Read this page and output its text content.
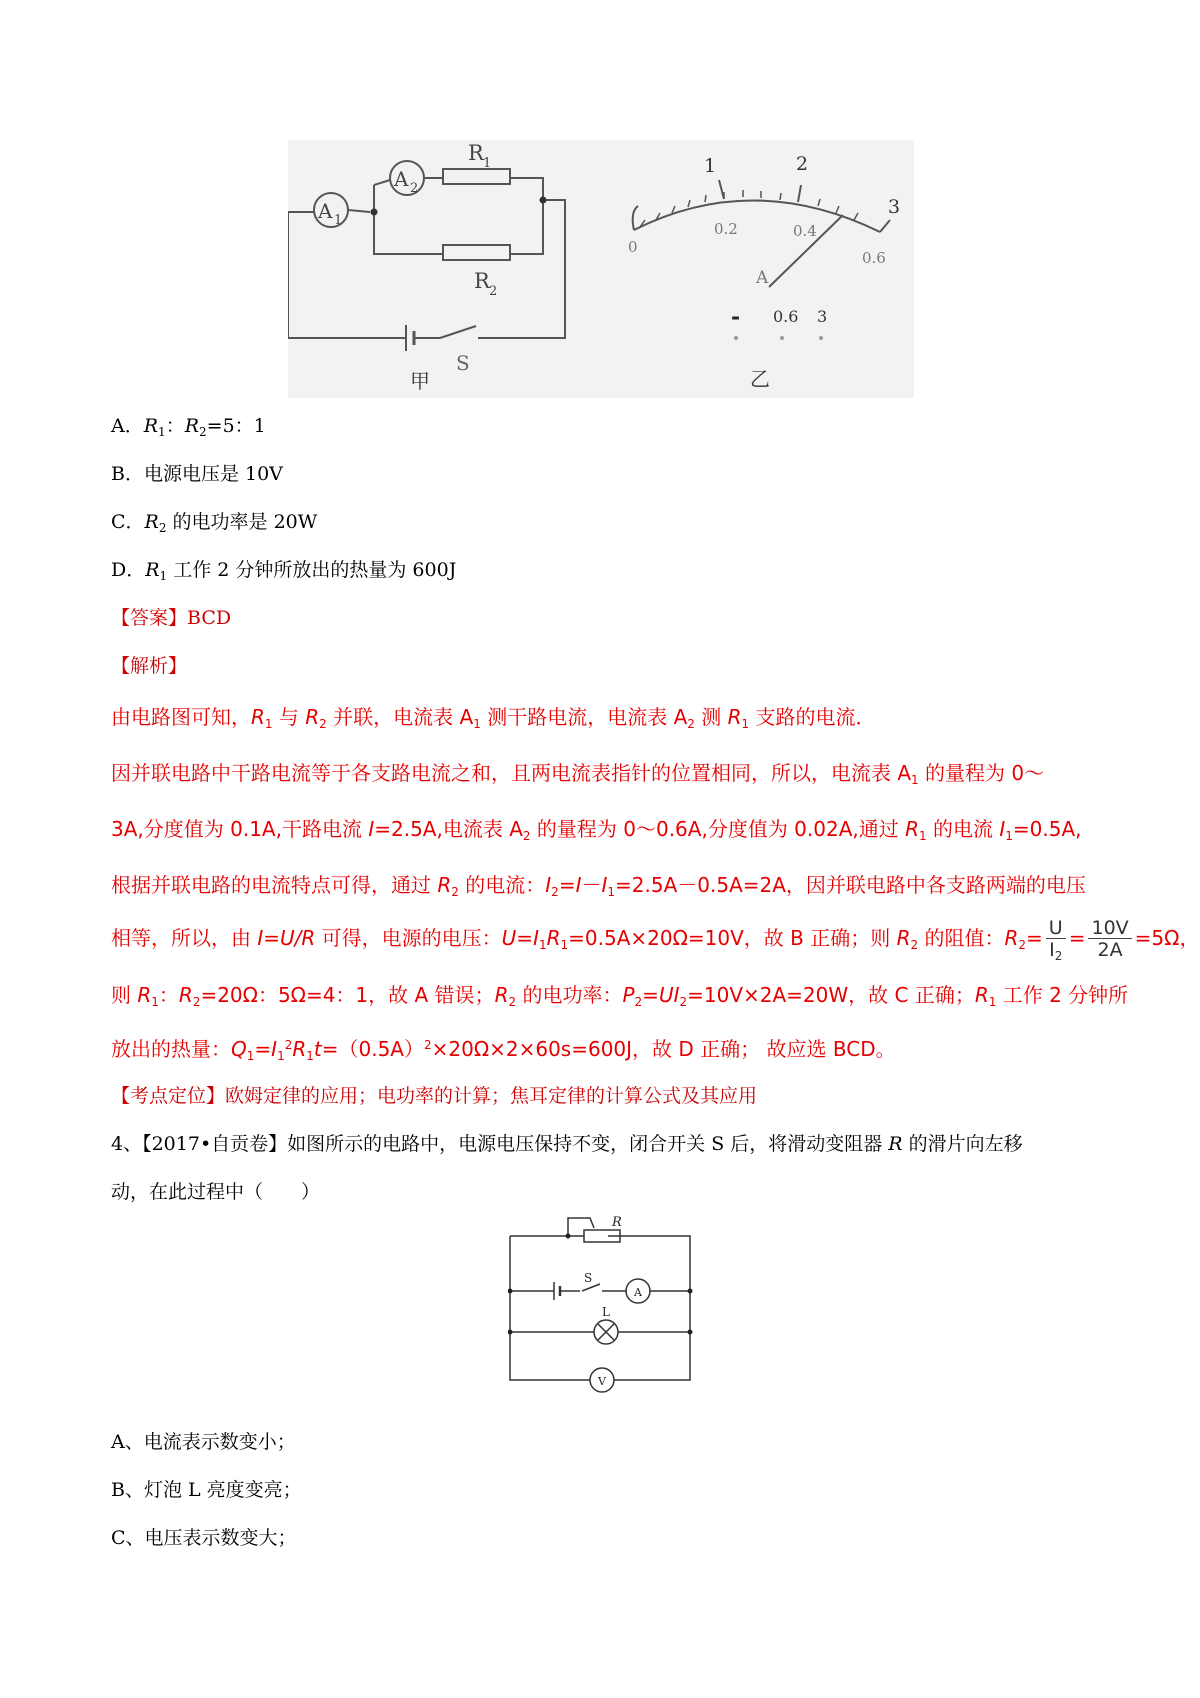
A 1
A 2
R 1
R 2
S
甲
1	2
3
0
0.2	0.4
0.6
A
- 0.6 3
乙
A．$R_1$：$R_2=5$：1
B．电源电压是 10V
C．$R_2$ 的电功率是 20W
D．$R_1$ 工作 2 分钟所放出的热量为 600J
【答案】BCD
【解析】
由电路图可知，$R_1$ 与 $R_2$ 并联，电流表 $A_1$ 测干路电流，电流表 $A_2$ 测 $R_1$ 支路的电流．
因并联电路中干路电流等于各支路电流之和，且两电流表指针的位置相同，所以，电流表 $A_1$ 的量程为 0～
3A,分度值为 0.1A,干路电流 I=2.5A,电流表 $A_2$ 的量程为 0～0.6A,分度值为 0.02A,通过 $R_1$ 的电流 $I_1=0.5A$,
根据并联电路的电流特点可得，通过 $R_2$ 的电流：$I_2=I-I_1=2.5A-0.5A=2A$，因并联电路中各支路两端的电压
相等，所以，由 I=U/R 可得，电源的电压：$U=I_1R_1=0.5A\times 20\Omega=10V$，故 B 正确；则 $R_2$ 的阻值：$R_2= \frac{U}{I_2} = \frac{10V}{2A} =5\Omega$，
则 $R_1$：$R_2=20\Omega$：5Ω=4：1，故 A 错误；$R_2$ 的电功率：$P_2=UI_2=10V\times 2A=20W$，故 C 正确；$R_1$ 工作 2 分钟所
放出的热量：$Q_1=I_1^2R_1t=(0.5A)^2\times 20\Omega\times 2\times 60s=600J$，故 D 正确； 故应选 BCD。
【考点定位】欧姆定律的应用；电功率的计算；焦耳定律的计算公式及其应用
4、【2017•自贡卷】如图所示的电路中，电源电压保持不变，闭合开关 S 后，将滑动变阻器 R 的滑片向左移
动，在此过程中（　　）
R
S
A
L
V
A、电流表示数变小；
B、灯泡 L 亮度变亮；
C、电压表示数变大；
